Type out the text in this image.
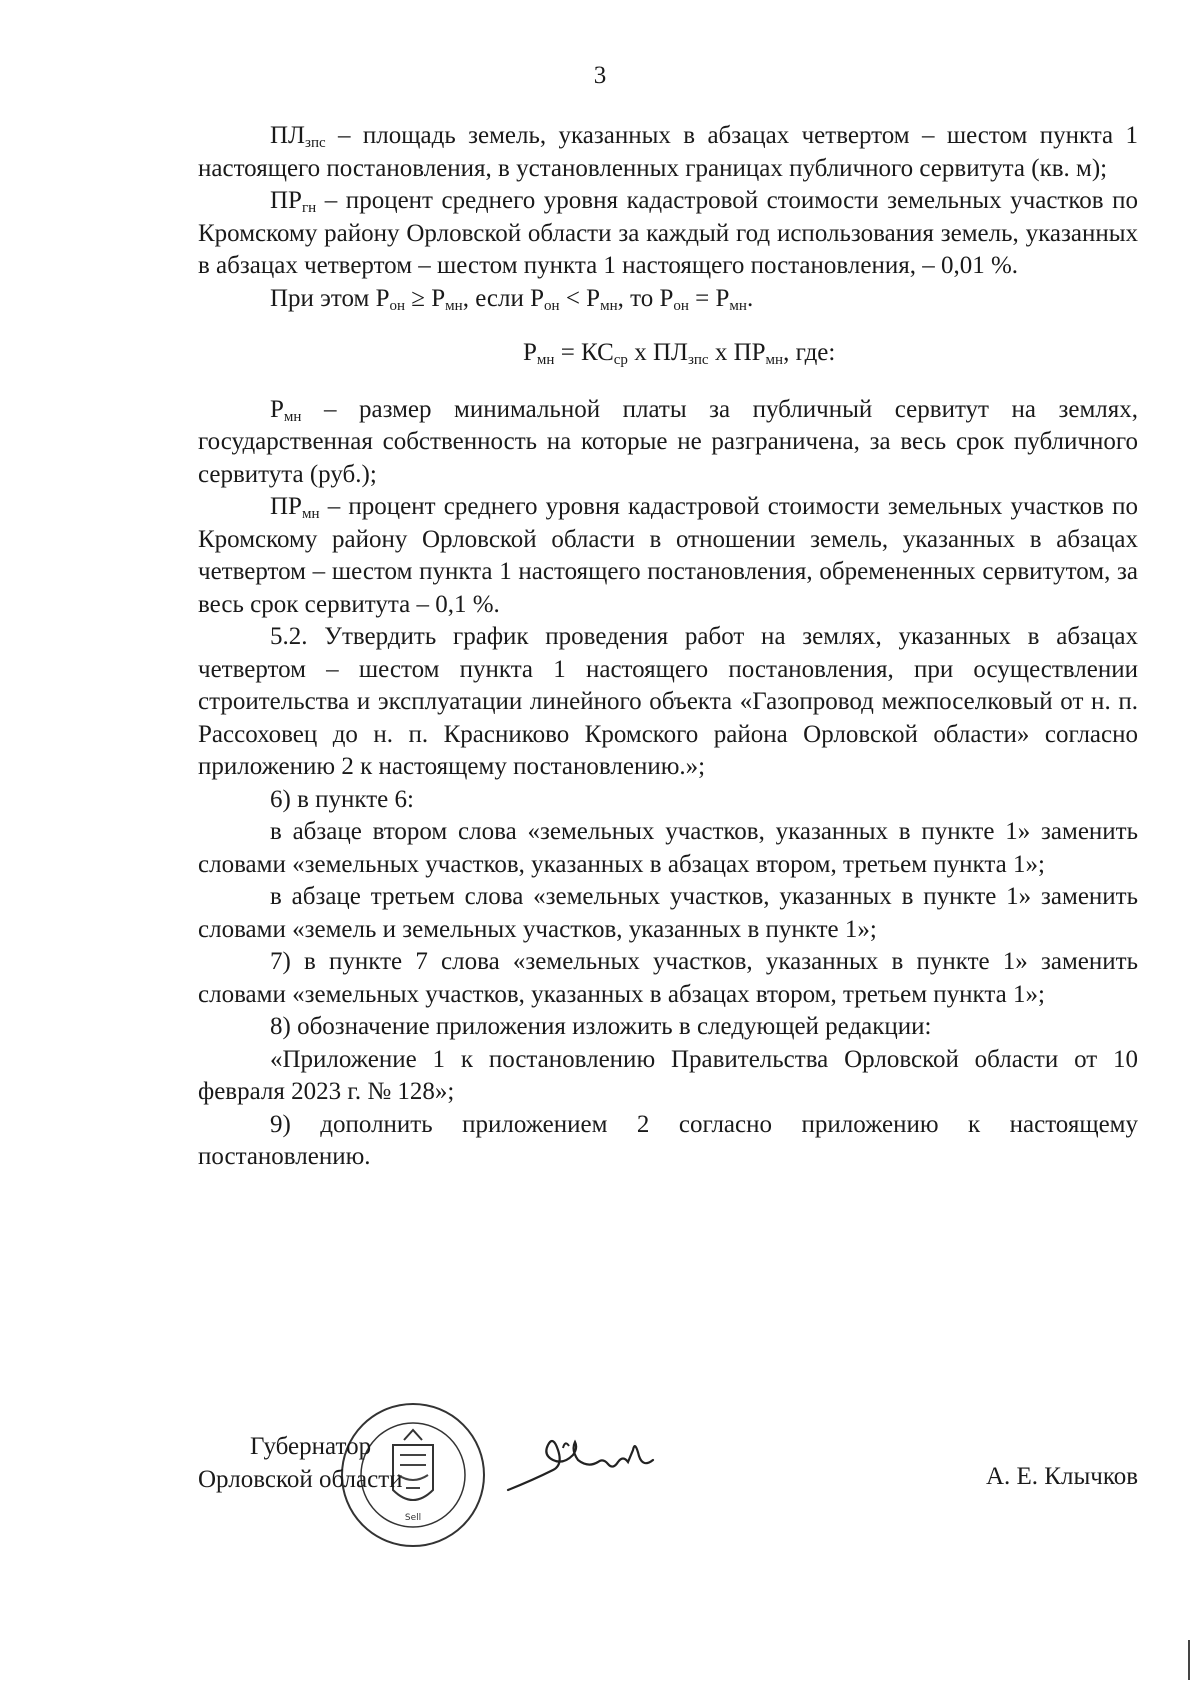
3

$ПЛ_{зпс}$ – площадь земель, указанных в абзацах четвертом – шестом пункта 1 настоящего постановления, в установленных границах публичного сервитута (кв. м);

$ПР_{гн}$ – процент среднего уровня кадастровой стоимости земельных участков по Кромскому району Орловской области за каждый год использования земель, указанных в абзацах четвертом – шестом пункта 1 настоящего постановления, – 0,01 %.

При этом $Р_{он} \ge Р_{мн}$, если $Р_{он} < Р_{мн}$, то $Р_{он} = Р_{мн}$.

$Р_{мн} = КС_{ср}$ х $ПЛ_{зпс}$ х $ПР_{мн}$, где:

$Р_{мн}$ – размер минимальной платы за публичный сервитут на землях, государственная собственность на которые не разграничена, за весь срок публичного сервитута (руб.);

$ПР_{мн}$ – процент среднего уровня кадастровой стоимости земельных участков по Кромскому району Орловской области в отношении земель, указанных в абзацах четвертом – шестом пункта 1 настоящего постановления, обремененных сервитутом, за весь срок сервитута – 0,1 %.

5.2. Утвердить график проведения работ на землях, указанных в абзацах четвертом – шестом пункта 1 настоящего постановления, при осуществлении строительства и эксплуатации линейного объекта «Газопровод межпоселковый от н. п. Рассоховец до н. п. Красниково Кромского района Орловской области» согласно приложению 2 к настоящему постановлению.»;

6) в пункте 6:

в абзаце втором слова «земельных участков, указанных в пункте 1» заменить словами «земельных участков, указанных в абзацах втором, третьем пункта 1»;

в абзаце третьем слова «земельных участков, указанных в пункте 1» заменить словами «земель и земельных участков, указанных в пункте 1»;

7) в пункте 7 слова «земельных участков, указанных в пункте 1» заменить словами «земельных участков, указанных в абзацах втором, третьем пункта 1»;

8) обозначение приложения изложить в следующей редакции:

«Приложение 1 к постановлению Правительства Орловской области от 10 февраля 2023 г. № 128»;

9) дополнить приложением 2 согласно приложению к настоящему постановлению.

Sell
Губернатор
Орловской области	А. Е. Клычков
